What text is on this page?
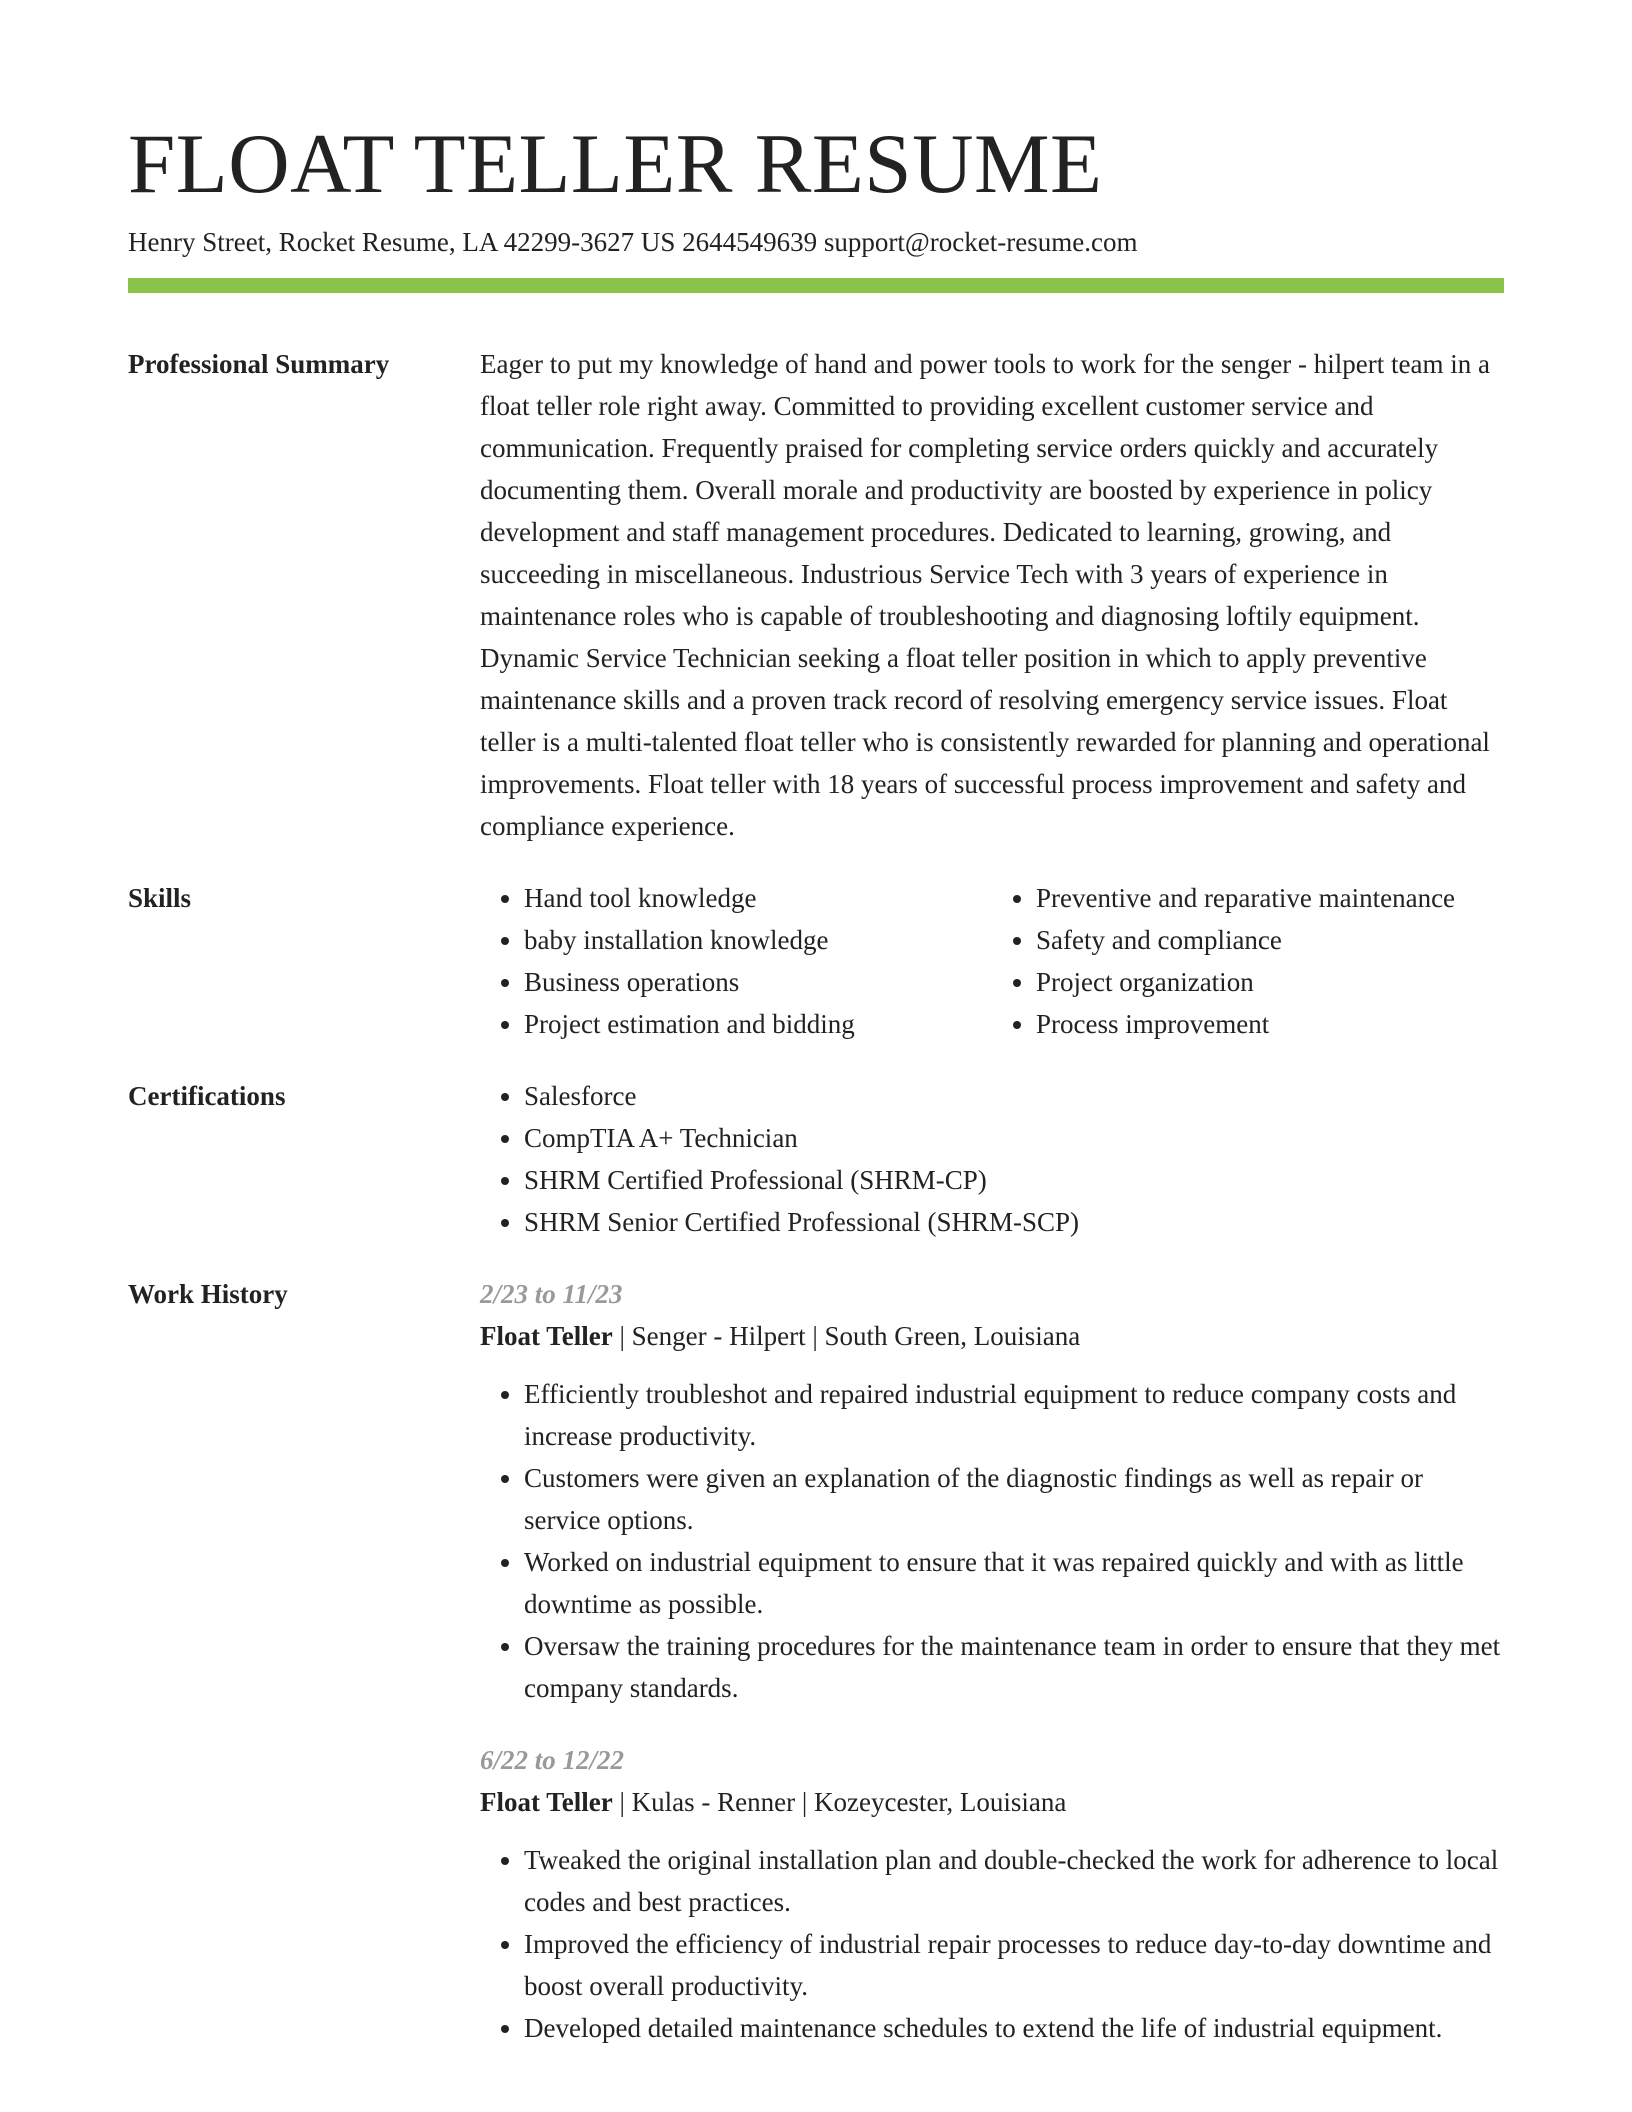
FLOAT TELLER RESUME
Henry Street, Rocket Resume, LA 42299-3627 US 2644549639 support@rocket-resume.com
Professional Summary	Eager to put my knowledge of hand and power tools to work for the senger - hilpert team in a float teller role right away. Committed to providing excellent customer service and communication. Frequently praised for completing service orders quickly and accurately documenting them. Overall morale and productivity are boosted by experience in policy development and staff management procedures. Dedicated to learning, growing, and succeeding in miscellaneous. Industrious Service Tech with 3 years of experience in maintenance roles who is capable of troubleshooting and diagnosing loftily equipment. Dynamic Service Technician seeking a float teller position in which to apply preventive maintenance skills and a proven track record of resolving emergency service issues. Float teller is a multi-talented float teller who is consistently rewarded for planning and operational improvements. Float teller with 18 years of successful process improvement and safety and compliance experience.
Skills	• Hand tool knowledge
• baby installation knowledge
• Business operations
• Project estimation and bidding
• Preventive and reparative maintenance
• Safety and compliance
• Project organization
• Process improvement
Certifications	• Salesforce
• CompTIA A+ Technician
• SHRM Certified Professional (SHRM-CP)
• SHRM Senior Certified Professional (SHRM-SCP)
Work History	2/23 to 11/23
Float Teller | Senger - Hilpert | South Green, Louisiana
• Efficiently troubleshot and repaired industrial equipment to reduce company costs and increase productivity.
• Customers were given an explanation of the diagnostic findings as well as repair or service options.
• Worked on industrial equipment to ensure that it was repaired quickly and with as little downtime as possible.
• Oversaw the training procedures for the maintenance team in order to ensure that they met company standards.
6/22 to 12/22
Float Teller | Kulas - Renner | Kozeycester, Louisiana
• Tweaked the original installation plan and double-checked the work for adherence to local codes and best practices.
• Improved the efficiency of industrial repair processes to reduce day-to-day downtime and boost overall productivity.
• Developed detailed maintenance schedules to extend the life of industrial equipment.
